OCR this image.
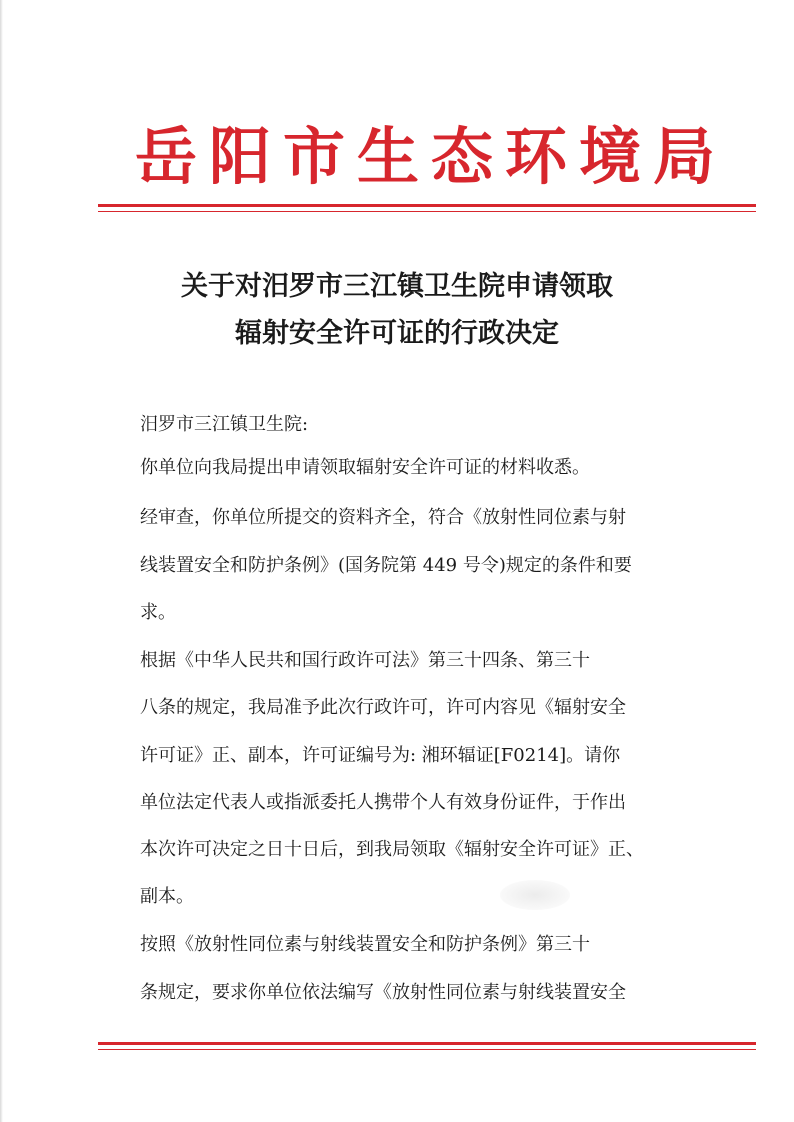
岳阳市生态环境局
关于对汨罗市三江镇卫生院申请领取
辐射安全许可证的行政决定
汨罗市三江镇卫生院:
你单位向我局提出申请领取辐射安全许可证的材料收悉。
经审查，你单位所提交的资料齐全，符合《放射性同位素与射
线装置安全和防护条例》(国务院第 449 号令)规定的条件和要
求。
根据《中华人民共和国行政许可法》第三十四条、第三十
八条的规定，我局准予此次行政许可，许可内容见《辐射安全
许可证》正、副本，许可证编号为: 湘环辐证[F0214]。请你
单位法定代表人或指派委托人携带个人有效身份证件，于作出
本次许可决定之日十日后，到我局领取《辐射安全许可证》正、
副本。
按照《放射性同位素与射线装置安全和防护条例》第三十
条规定，要求你单位依法编写《放射性同位素与射线装置安全
